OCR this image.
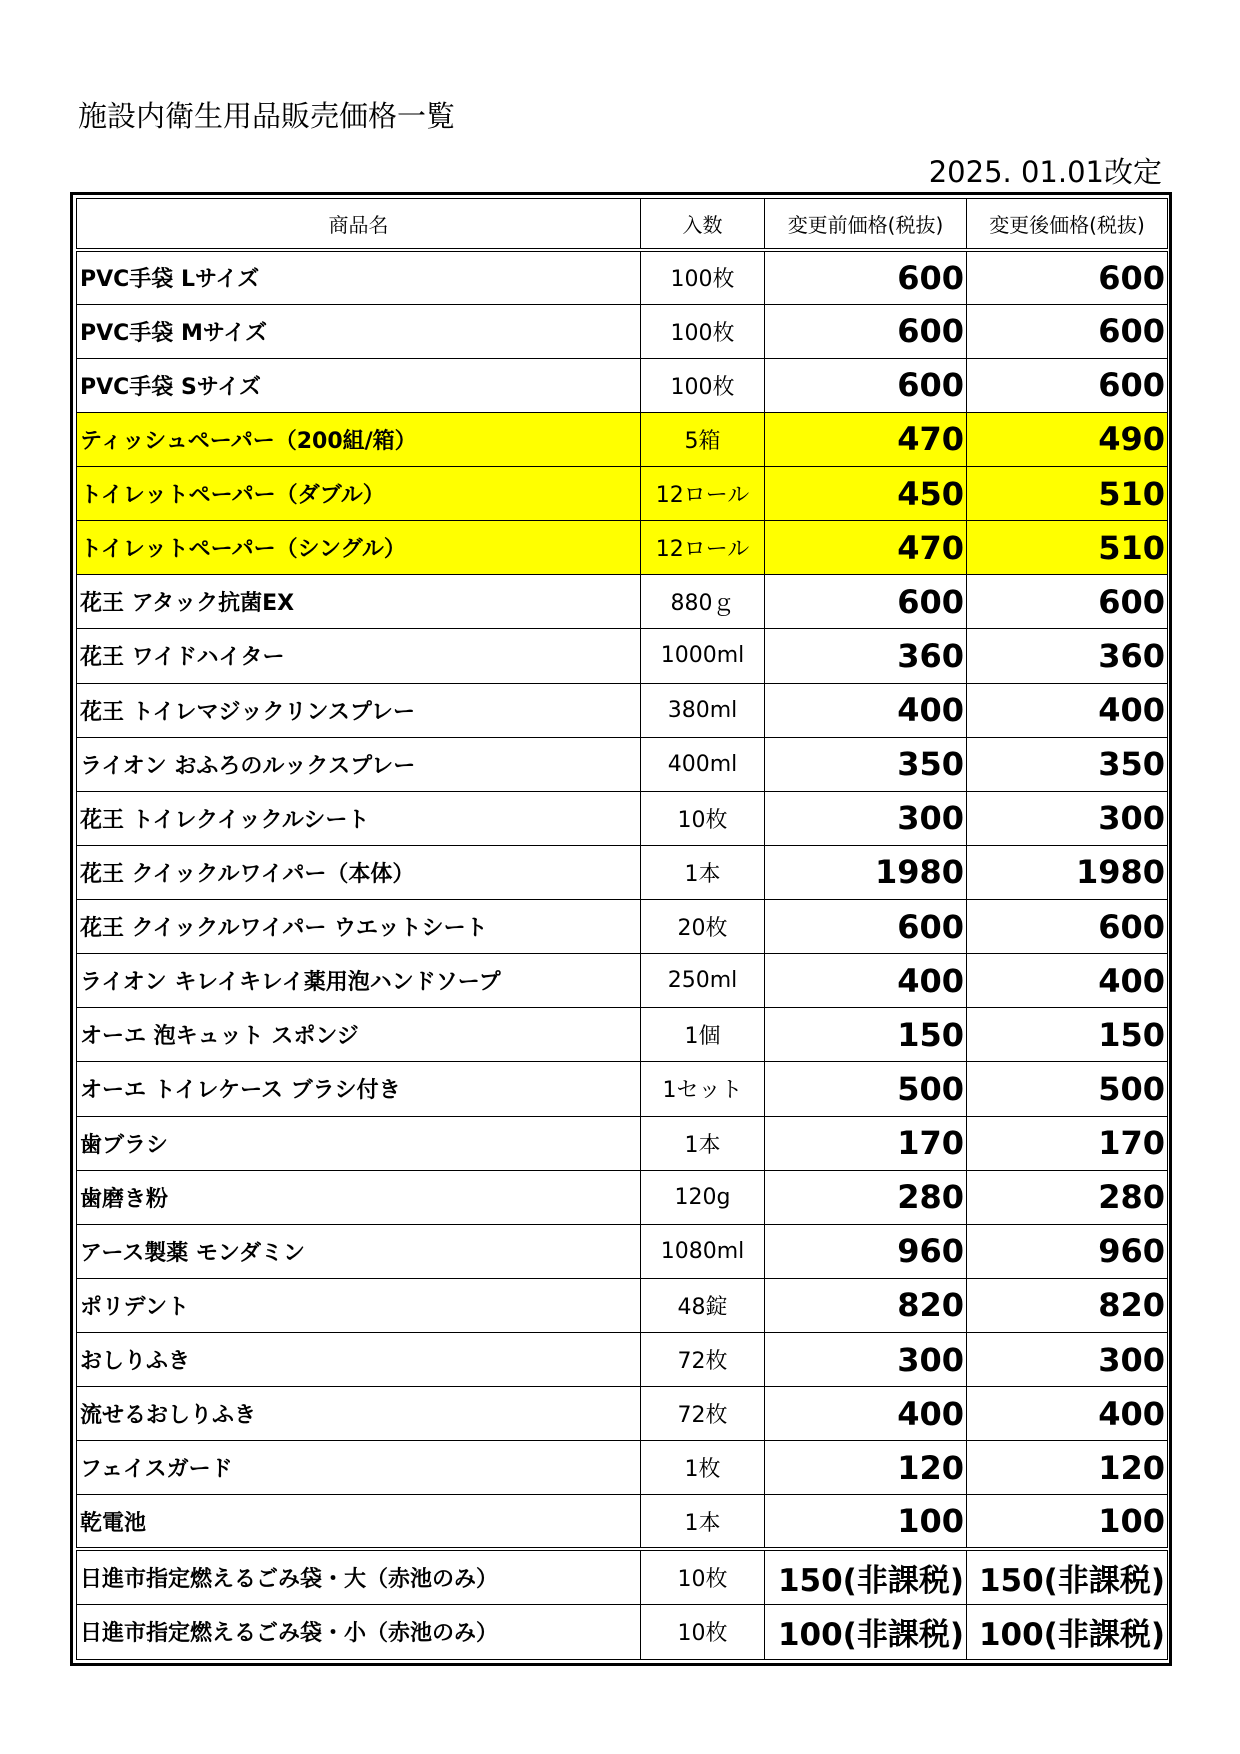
施設内衛生用品販売価格一覧
2025. 01.01改定
商品名	入数	変更前価格(税抜)	変更後価格(税抜)
PVC手袋 Lサイズ	100枚	600	600
PVC手袋 Mサイズ	100枚	600	600
PVC手袋 Sサイズ	100枚	600	600
ティッシュペーパー（200組/箱）	5箱	470	490
トイレットペーパー（ダブル）	12ロール	450	510
トイレットペーパー（シングル）	12ロール	470	510
花王 アタック抗菌EX	880ｇ	600	600
花王 ワイドハイター	1000ml	360	360
花王 トイレマジックリンスプレー	380ml	400	400
ライオン おふろのルックスプレー	400ml	350	350
花王 トイレクイックルシート	10枚	300	300
花王 クイックルワイパー（本体）	1本	1980	1980
花王 クイックルワイパー ウエットシート	20枚	600	600
ライオン キレイキレイ薬用泡ハンドソープ	250ml	400	400
オーエ 泡キュット スポンジ	1個	150	150
オーエ トイレケース ブラシ付き	1セット	500	500
歯ブラシ	1本	170	170
歯磨き粉	120g	280	280
アース製薬 モンダミン	1080ml	960	960
ポリデント	48錠	820	820
おしりふき	72枚	300	300
流せるおしりふき	72枚	400	400
フェイスガード	1枚	120	120
乾電池	1本	100	100
日進市指定燃えるごみ袋・大（赤池のみ）	10枚	150(非課税)	150(非課税)
日進市指定燃えるごみ袋・小（赤池のみ）	10枚	100(非課税)	100(非課税)
